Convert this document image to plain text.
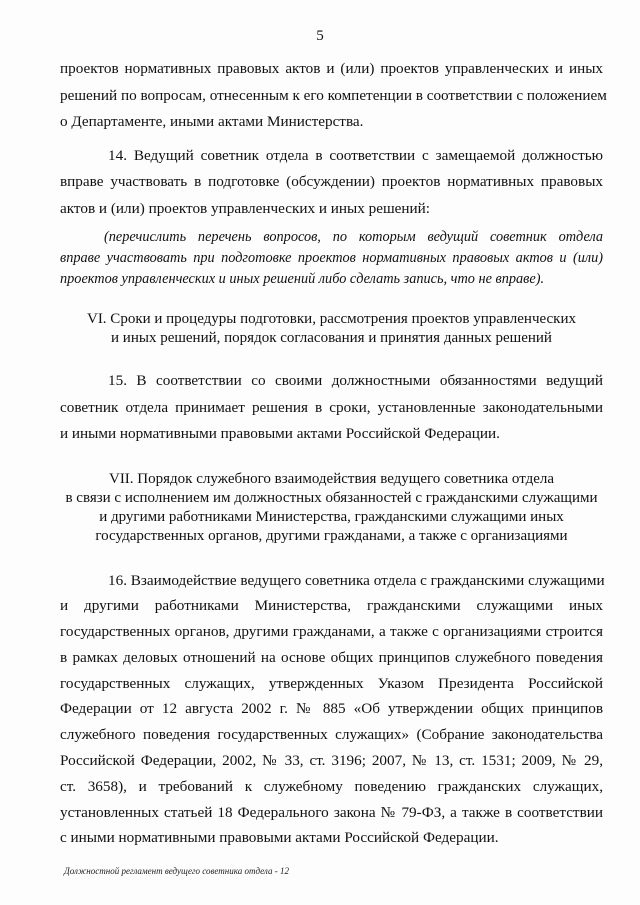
5

проектов нормативных правовых актов и (или) проектов управленческих и иных
решений по вопросам, отнесенным к его компетенции в соответствии с положением
о Департаменте, иными актами Министерства.

14. Ведущий советник отдела в соответствии с замещаемой должностью
вправе участвовать в подготовке (обсуждении) проектов нормативных правовых
актов и (или) проектов управленческих и иных решений:

(перечислить перечень вопросов, по которым ведущий советник отдела
вправе участвовать при подготовке проектов нормативных правовых актов и (или)
проектов управленческих и иных решений либо сделать запись, что не вправе).

VI. Сроки и процедуры подготовки, рассмотрения проектов управленческих
и иных решений, порядок согласования и принятия данных решений

15. В соответствии со своими должностными обязанностями ведущий
советник отдела принимает решения в сроки, установленные законодательными
и иными нормативными правовыми актами Российской Федерации.

VII. Порядок служебного взаимодействия ведущего советника отдела
в связи с исполнением им должностных обязанностей с гражданскими служащими
и другими работниками Министерства, гражданскими служащими иных
государственных органов, другими гражданами, а также с организациями

16. Взаимодействие ведущего советника отдела с гражданскими служащими
и другими работниками Министерства, гражданскими служащими иных
государственных органов, другими гражданами, а также с организациями строится
в рамках деловых отношений на основе общих принципов служебного поведения
государственных служащих, утвержденных Указом Президента Российской
Федерации от 12 августа 2002 г. № 885 «Об утверждении общих принципов
служебного поведения государственных служащих» (Собрание законодательства
Российской Федерации, 2002, № 33, ст. 3196; 2007, № 13, ст. 1531; 2009, № 29,
ст. 3658), и требований к служебному поведению гражданских служащих,
установленных статьей 18 Федерального закона № 79-ФЗ, а также в соответствии
с иными нормативными правовыми актами Российской Федерации.

Должностной регламент ведущего советника отдела - 12
